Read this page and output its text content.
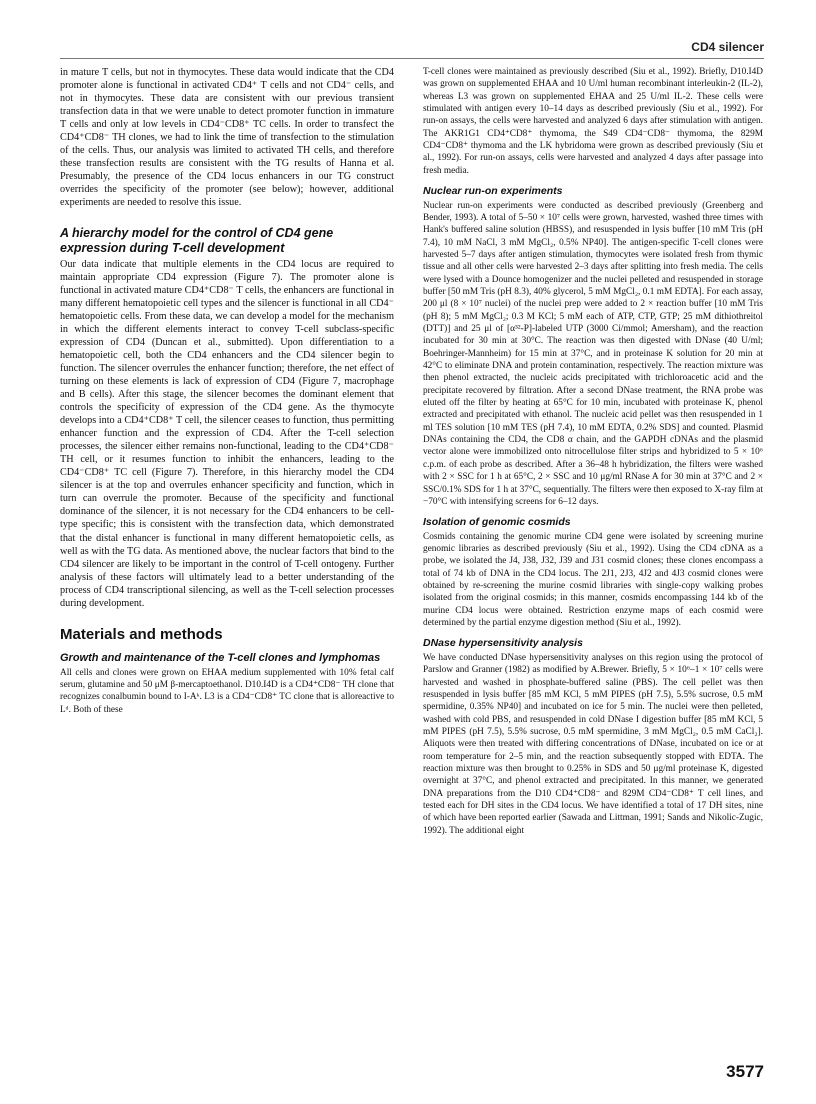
CD4 silencer

in mature T cells, but not in thymocytes. These data would indicate that the CD4 promoter alone is functional in activated CD4⁺ T cells and not CD4⁻ cells, and not in thymocytes. These data are consistent with our previous transient transfection data in that we were unable to detect promoter function in immature T cells and only at low levels in CD4⁻CD8⁺ TC cells. In order to transfect the CD4⁺CD8⁻ TH clones, we had to link the time of transfection to the stimulation of the cells. Thus, our analysis was limited to activated TH cells, and therefore these transfection results are consistent with the TG results of Hanna et al. Presumably, the presence of the CD4 locus enhancers in our TG construct overrides the specificity of the promoter (see below); however, additional experiments are needed to resolve this issue.

A hierarchy model for the control of CD4 gene expression during T-cell development

Our data indicate that multiple elements in the CD4 locus are required to maintain appropriate CD4 expression (Figure 7). The promoter alone is functional in activated mature CD4⁺CD8⁻ T cells, the enhancers are functional in many different hematopoietic cell types and the silencer is functional in all CD4⁻ hematopoietic cells. From these data, we can develop a model for the mechanism in which the different elements interact to convey T-cell subclass-specific expression of CD4 (Duncan et al., submitted). Upon differentiation to a hematopoietic cell, both the CD4 enhancers and the CD4 silencer begin to function. The silencer overrules the enhancer function; therefore, the net effect of turning on these elements is lack of expression of CD4 (Figure 7, macrophage and B cells). After this stage, the silencer becomes the dominant element that controls the specificity of expression of the CD4 gene. As the thymocyte develops into a CD4⁺CD8⁺ T cell, the silencer ceases to function, thus permitting enhancer function and the expression of CD4. After the T-cell selection processes, the silencer either remains non-functional, leading to the CD4⁺CD8⁻ TH cell, or it resumes function to inhibit the enhancers, leading to the CD4⁻CD8⁺ TC cell (Figure 7). Therefore, in this hierarchy model the CD4 silencer is at the top and overrules enhancer specificity and function, which in turn can overrule the promoter. Because of the specificity and functional dominance of the silencer, it is not necessary for the CD4 enhancers to be cell-type specific; this is consistent with the transfection data, which demonstrated that the distal enhancer is functional in many different hematopoietic cells, as well as with the TG data. As mentioned above, the nuclear factors that bind to the CD4 silencer are likely to be important in the control of T-cell ontogeny. Further analysis of these factors will ultimately lead to a better understanding of the process of CD4 transcriptional silencing, as well as the T-cell selection processes during development.

Materials and methods
Growth and maintenance of the T-cell clones and lymphomas

All cells and clones were grown on EHAA medium supplemented with 10% fetal calf serum, glutamine and 50 μM β-mercaptoethanol. D10.I4D is a CD4⁺CD8⁻ TH clone that recognizes conalbumin bound to I-Aᵏ. L3 is a CD4⁻CD8⁺ TC clone that is alloreactive to Lᵈ. Both of these

T-cell clones were maintained as previously described (Siu et al., 1992). Briefly, D10.I4D was grown on supplemented EHAA and 10 U/ml human recombinant interleukin-2 (IL-2), whereas L3 was grown on supplemented EHAA and 25 U/ml IL-2. These cells were stimulated with antigen every 10–14 days as described previously (Siu et al., 1992). For run-on assays, the cells were harvested and analyzed 6 days after stimulation with antigen. The AKR1G1 CD4⁺CD8⁺ thymoma, the S49 CD4⁻CD8⁻ thymoma, the 829M CD4⁻CD8⁺ thymoma and the LK hybridoma were grown as described previously (Siu et al., 1992). For run-on assays, cells were harvested and analyzed 4 days after passage into fresh media.

Nuclear run-on experiments

Nuclear run-on experiments were conducted as described previously (Greenberg and Bender, 1993). A total of 5–50 × 10⁷ cells were grown, harvested, washed three times with Hank's buffered saline solution (HBSS), and resuspended in lysis buffer [10 mM Tris (pH 7.4), 10 mM NaCl, 3 mM MgCl₂, 0.5% NP40]. The antigen-specific T-cell clones were harvested 5–7 days after antigen stimulation, thymocytes were isolated fresh from thymic tissue and all other cells were harvested 2–3 days after splitting into fresh media. The cells were lysed with a Dounce homogenizer and the nuclei pelleted and resuspended in storage buffer [50 mM Tris (pH 8.3), 40% glycerol, 5 mM MgCl₂, 0.1 mM EDTA]. For each assay, 200 μl (8 × 10⁷ nuclei) of the nuclei prep were added to 2 × reaction buffer [10 mM Tris (pH 8); 5 mM MgCl₂; 0.3 M KCl; 5 mM each of ATP, CTP, GTP; 25 mM dithiothreitol (DTT)] and 25 μl of [α³²-P]-labeled UTP (3000 Ci/mmol; Amersham), and the reaction incubated for 30 min at 30°C. The reaction was then digested with DNase (40 U/ml; Boehringer-Mannheim) for 15 min at 37°C, and in proteinase K solution for 20 min at 42°C to eliminate DNA and protein contamination, respectively. The reaction mixture was then phenol extracted, the nucleic acids precipitated with trichloroacetic acid and the precipitate recovered by filtration. After a second DNase treatment, the RNA probe was eluted off the filter by heating at 65°C for 10 min, incubated with proteinase K, phenol extracted and precipitated with ethanol. The nucleic acid pellet was then resuspended in 1 ml TES solution [10 mM TES (pH 7.4), 10 mM EDTA, 0.2% SDS] and counted. Plasmid DNAs containing the CD4, the CD8 α chain, and the GAPDH cDNAs and the plasmid vector alone were immobilized onto nitrocellulose filter strips and hybridized to 5 × 10⁶ c.p.m. of each probe as described. After a 36–48 h hybridization, the filters were washed with 2 × SSC for 1 h at 65°C, 2 × SSC and 10 μg/ml RNase A for 30 min at 37°C and 2 × SSC/0.1% SDS for 1 h at 37°C, sequentially. The filters were then exposed to X-ray film at −70°C with intensifying screens for 6–12 days.

Isolation of genomic cosmids

Cosmids containing the genomic murine CD4 gene were isolated by screening murine genomic libraries as described previously (Siu et al., 1992). Using the CD4 cDNA as a probe, we isolated the J4, J38, J32, J39 and J31 cosmid clones; these clones encompass a total of 74 kb of DNA in the CD4 locus. The 2J1, 2J3, 4J2 and 4J3 cosmid clones were obtained by re-screening the murine cosmid libraries with single-copy walking probes isolated from the original cosmids; in this manner, cosmids encompassing 144 kb of the murine CD4 locus were obtained. Restriction enzyme maps of each cosmid were determined by the partial enzyme digestion method (Siu et al., 1992).

DNase hypersensitivity analysis

We have conducted DNase hypersensitivity analyses on this region using the protocol of Parslow and Granner (1982) as modified by A.Brewer. Briefly, 5 × 10⁶–1 × 10⁷ cells were harvested and washed in phosphate-buffered saline (PBS). The cell pellet was then resuspended in lysis buffer [85 mM KCl, 5 mM PIPES (pH 7.5), 5.5% sucrose, 0.5 mM spermidine, 0.35% NP40] and incubated on ice for 5 min. The nuclei were then pelleted, washed with cold PBS, and resuspended in cold DNase I digestion buffer [85 mM KCl, 5 mM PIPES (pH 7.5), 5.5% sucrose, 0.5 mM spermidine, 3 mM MgCl₂, 0.5 mM CaCl₂]. Aliquots were then treated with differing concentrations of DNase, incubated on ice or at room temperature for 2–5 min, and the reaction subsequently stopped with EDTA. The reaction mixture was then brought to 0.25% in SDS and 50 μg/ml proteinase K, digested overnight at 37°C, and phenol extracted and precipitated. In this manner, we generated DNA preparations from the D10 CD4⁺CD8⁻ and 829M CD4⁻CD8⁺ T cell lines, and tested each for DH sites in the CD4 locus. We have identified a total of 17 DH sites, nine of which have been reported earlier (Sawada and Littman, 1991; Sands and Nikolic-Zugic, 1992). The additional eight

3577
